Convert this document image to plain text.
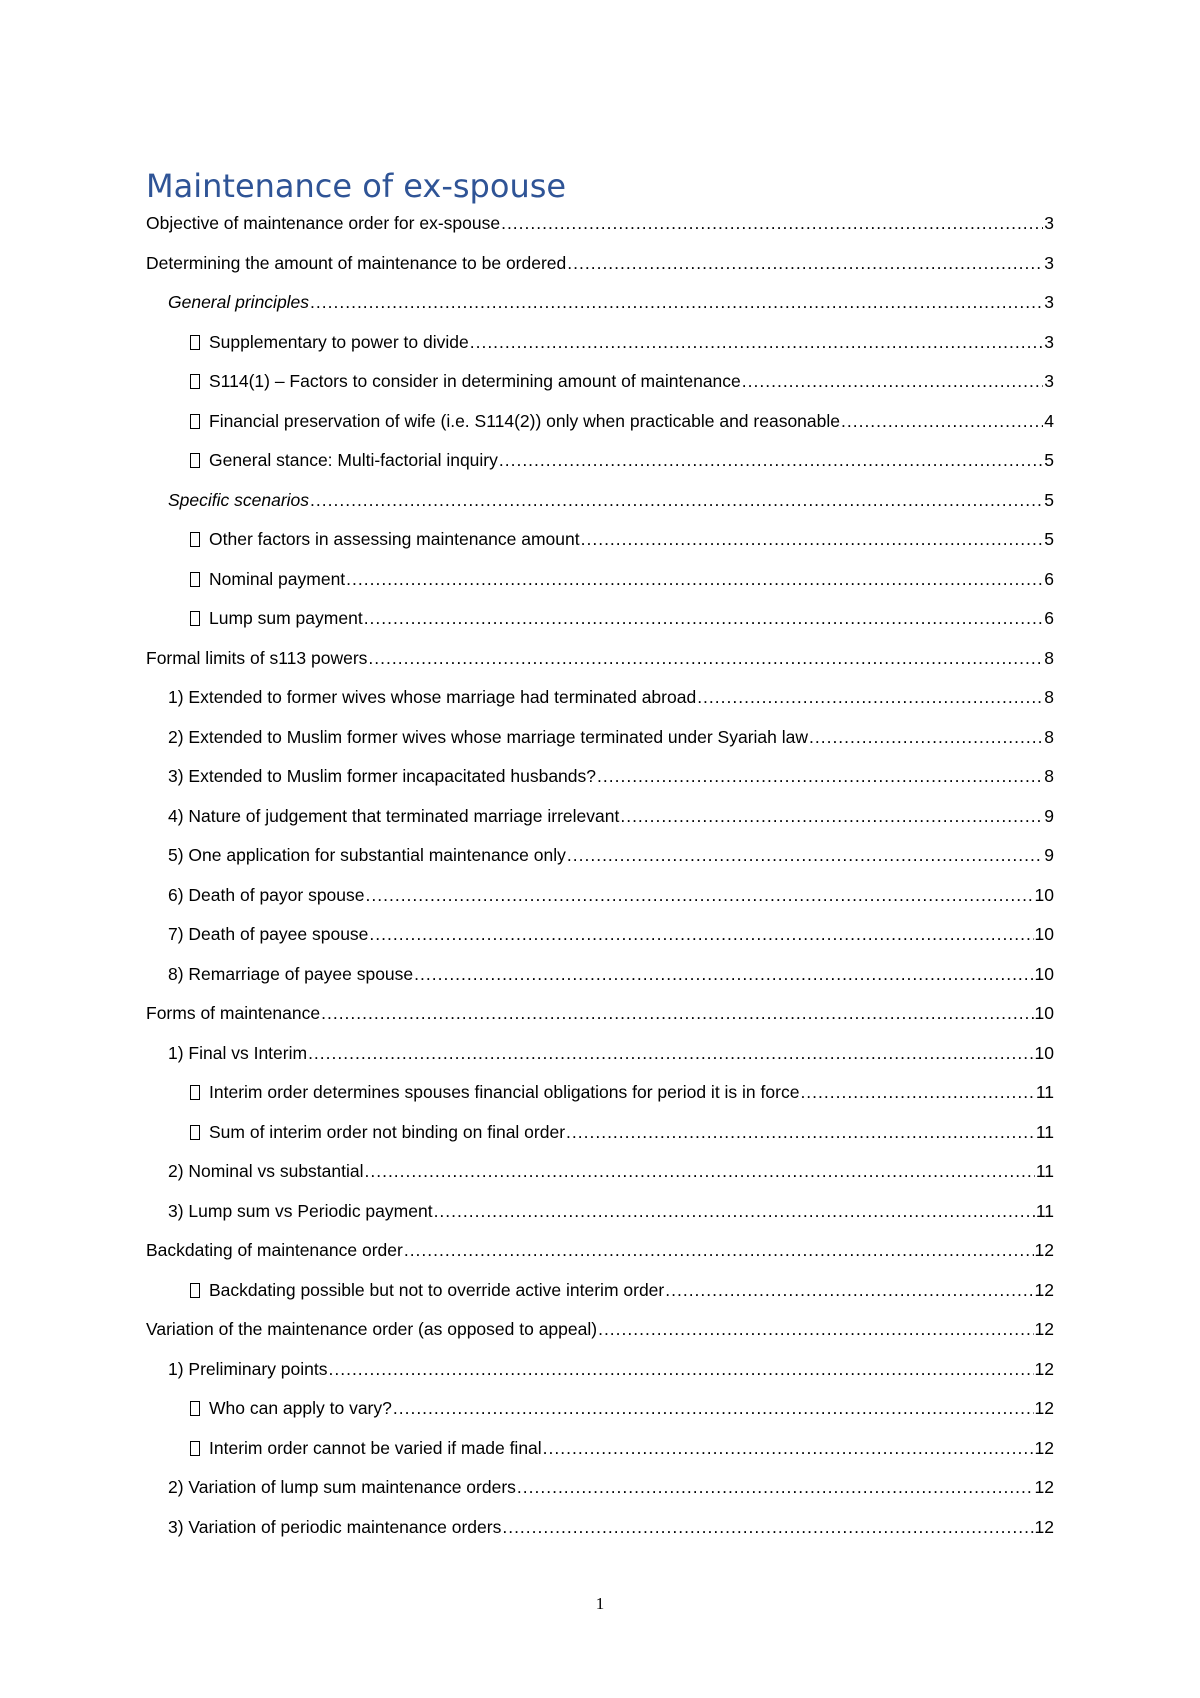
Maintenance of ex-spouse
Objective of maintenance order for ex-spouse .....	3
Determining the amount of maintenance to be ordered .....	3
General principles .....	3
Supplementary to power to divide .....	3
S114(1) – Factors to consider in determining amount of maintenance .....	3
Financial preservation of wife (i.e. S114(2)) only when practicable and reasonable .....	4
General stance: Multi-factorial inquiry .....	5
Specific scenarios .....	5
Other factors in assessing maintenance amount .....	5
Nominal payment .....	6
Lump sum payment .....	6
Formal limits of s113 powers .....	8
1) Extended to former wives whose marriage had terminated abroad .....	8
2) Extended to Muslim former wives whose marriage terminated under Syariah law .....	8
3) Extended to Muslim former incapacitated husbands? .....	8
4) Nature of judgement that terminated marriage irrelevant .....	9
5) One application for substantial maintenance only .....	9
6) Death of payor spouse .....	10
7) Death of payee spouse .....	10
8) Remarriage of payee spouse .....	10
Forms of maintenance .....	10
1) Final vs Interim .....	10
Interim order determines spouses financial obligations for period it is in force .....	11
Sum of interim order not binding on final order .....	11
2) Nominal vs substantial .....	11
3) Lump sum vs Periodic payment .....	11
Backdating of maintenance order .....	12
Backdating possible but not to override active interim order .....	12
Variation of the maintenance order (as opposed to appeal) .....	12
1) Preliminary points .....	12
Who can apply to vary? .....	12
Interim order cannot be varied if made final .....	12
2) Variation of lump sum maintenance orders .....	12
3) Variation of periodic maintenance orders .....	12
1
